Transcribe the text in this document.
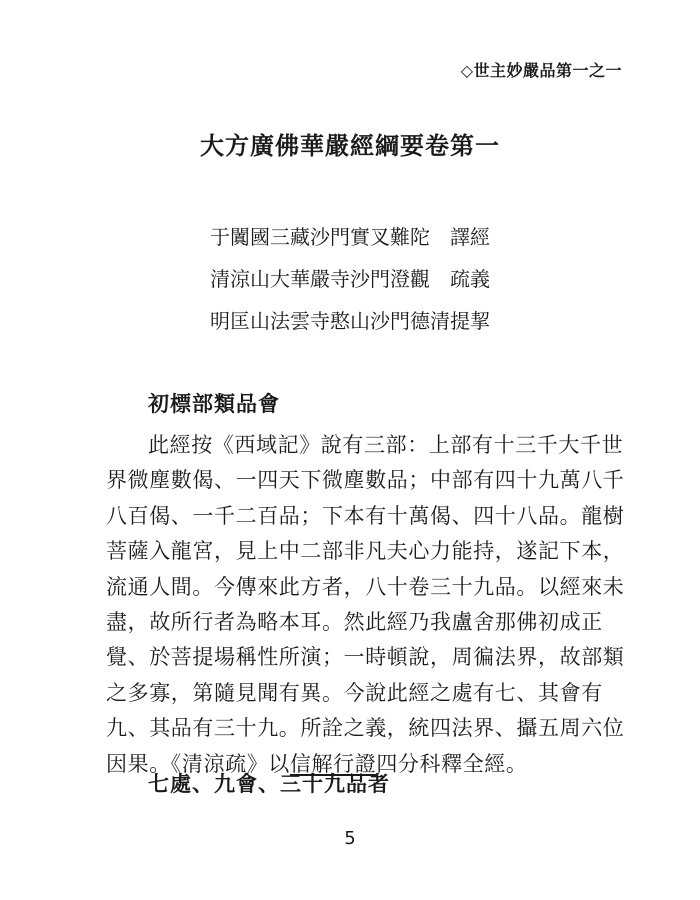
◇世主妙嚴品第一之一
大方廣佛華嚴經綱要卷第一
于闐國三藏沙門實叉難陀　譯經
清涼山大華嚴寺沙門澄觀　疏義
明匡山法雲寺憨山沙門德清提挈
初標部類品會
此經按《西域記》說有三部：上部有十三千大千世
界微塵數偈、一四天下微塵數品；中部有四十九萬八千
八百偈、一千二百品；下本有十萬偈、四十八品。龍樹
菩薩入龍宮，見上中二部非凡夫心力能持，遂記下本，
流通人間。今傳來此方者，八十卷三十九品。以經來未
盡，故所行者為略本耳。然此經乃我盧舍那佛初成正
覺、於菩提場稱性所演；一時頓說，周徧法界，故部類
之多寡，第隨見聞有異。今說此經之處有七、其會有
九、其品有三十九。所詮之義，統四法界、攝五周六位
因果。《清涼疏》以信解行證四分科釋全經。
七處、九會、三十九品者
5
